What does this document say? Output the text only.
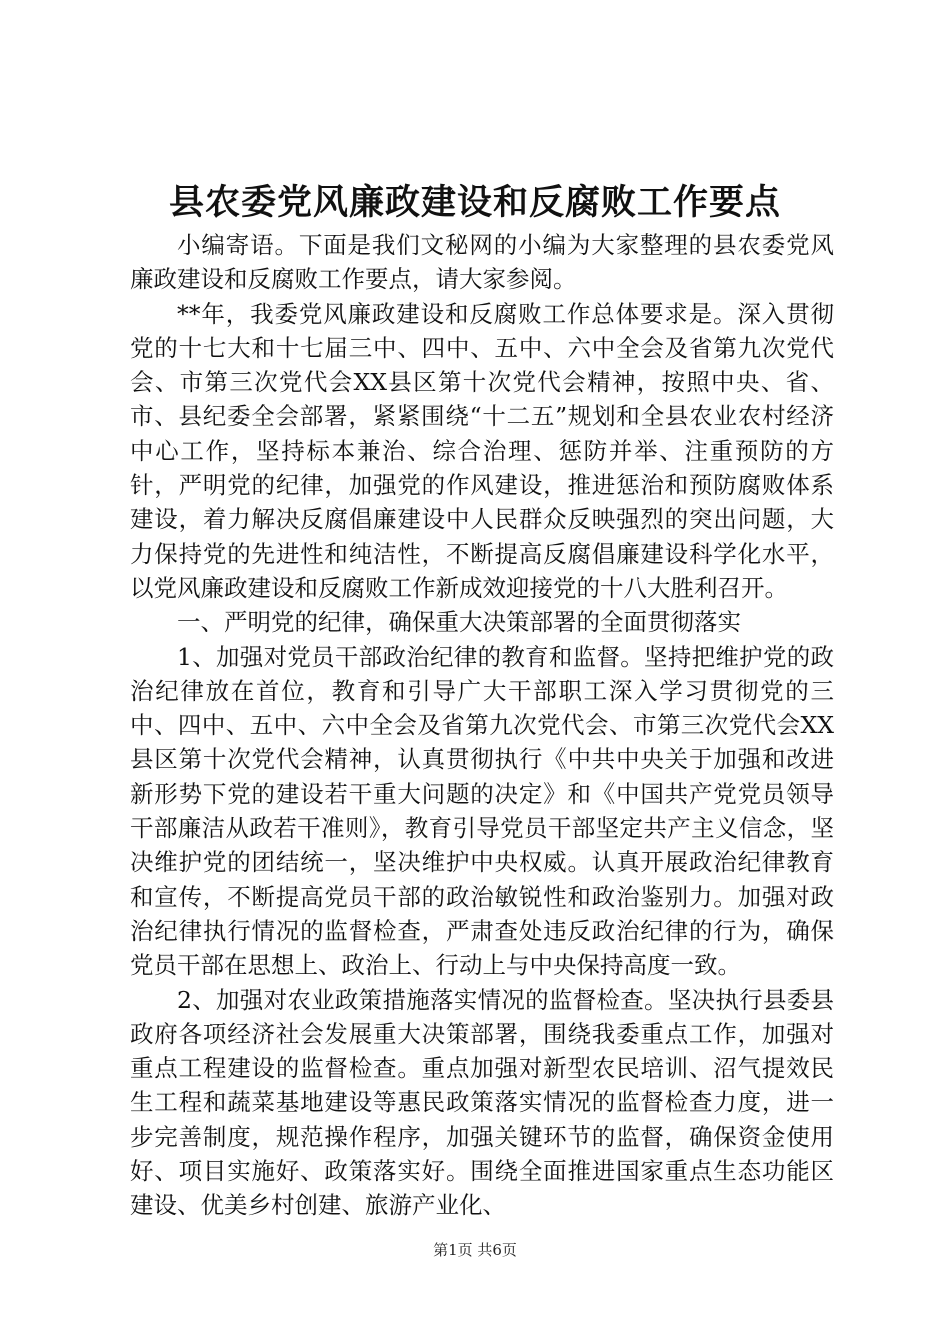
县农委党风廉政建设和反腐败工作要点

小编寄语。下面是我们文秘网的小编为大家整理的县农委党风廉政建设和反腐败工作要点，请大家参阅。

**年，我委党风廉政建设和反腐败工作总体要求是。深入贯彻党的十七大和十七届三中、四中、五中、六中全会及省第九次党代会、市第三次党代会XX县区第十次党代会精神，按照中央、省、市、县纪委全会部署，紧紧围绕“十二五”规划和全县农业农村经济中心工作，坚持标本兼治、综合治理、惩防并举、注重预防的方针，严明党的纪律，加强党的作风建设，推进惩治和预防腐败体系建设，着力解决反腐倡廉建设中人民群众反映强烈的突出问题，大力保持党的先进性和纯洁性，不断提高反腐倡廉建设科学化水平，以党风廉政建设和反腐败工作新成效迎接党的十八大胜利召开。

一、严明党的纪律，确保重大决策部署的全面贯彻落实

1、加强对党员干部政治纪律的教育和监督。坚持把维护党的政治纪律放在首位，教育和引导广大干部职工深入学习贯彻党的三中、四中、五中、六中全会及省第九次党代会、市第三次党代会XX县区第十次党代会精神，认真贯彻执行《中共中央关于加强和改进新形势下党的建设若干重大问题的决定》和《中国共产党党员领导干部廉洁从政若干准则》，教育引导党员干部坚定共产主义信念，坚决维护党的团结统一，坚决维护中央权威。认真开展政治纪律教育和宣传，不断提高党员干部的政治敏锐性和政治鉴别力。加强对政治纪律执行情况的监督检查，严肃查处违反政治纪律的行为，确保党员干部在思想上、政治上、行动上与中央保持高度一致。

2、加强对农业政策措施落实情况的监督检查。坚决执行县委县政府各项经济社会发展重大决策部署，围绕我委重点工作，加强对重点工程建设的监督检查。重点加强对新型农民培训、沼气提效民生工程和蔬菜基地建设等惠民政策落实情况的监督检查力度，进一步完善制度，规范操作程序，加强关键环节的监督，确保资金使用好、项目实施好、政策落实好。围绕全面推进国家重点生态功能区建设、优美乡村创建、旅游产业化、

第1页 共6页
